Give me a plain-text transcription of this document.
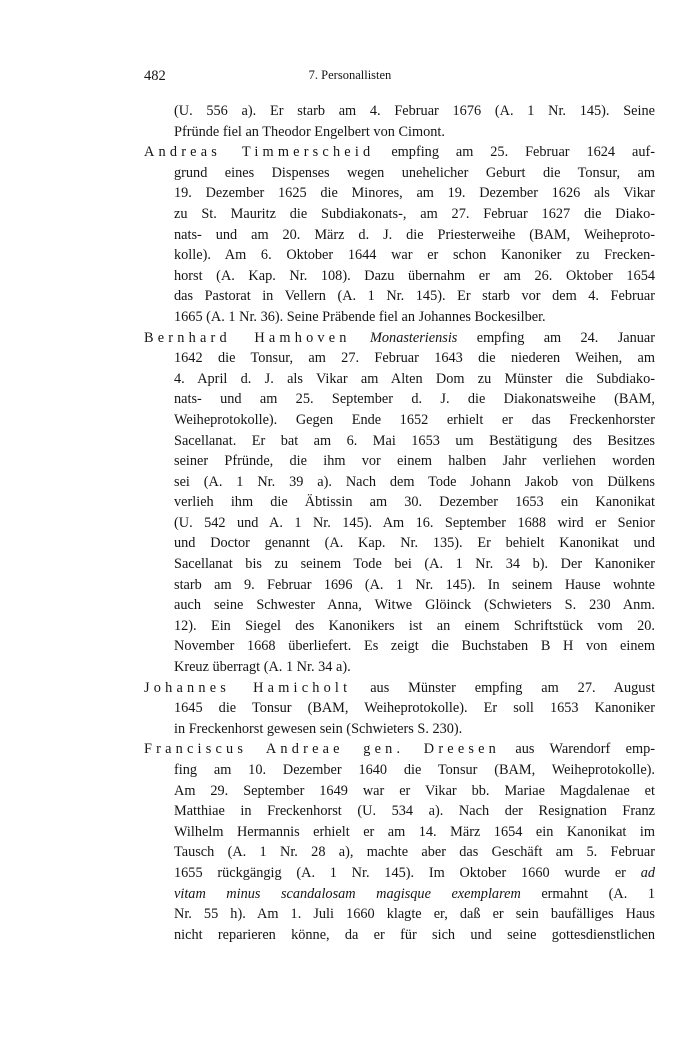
482	7. Personallisten
(U. 556 a). Er starb am 4. Februar 1676 (A. 1 Nr. 145). Seine
Pfründe fiel an Theodor Engelbert von Cimont.
Andreas Timmerscheid empfing am 25. Februar 1624 auf-
grund eines Dispenses wegen unehelicher Geburt die Tonsur, am
19. Dezember 1625 die Minores, am 19. Dezember 1626 als Vikar
zu St. Mauritz die Subdiakonats-, am 27. Februar 1627 die Diako-
nats- und am 20. März d. J. die Priesterweihe (BAM, Weiheproto-
kolle). Am 6. Oktober 1644 war er schon Kanoniker zu Frecken-
horst (A. Kap. Nr. 108). Dazu übernahm er am 26. Oktober 1654
das Pastorat in Vellern (A. 1 Nr. 145). Er starb vor dem 4. Februar
1665 (A. 1 Nr. 36). Seine Präbende fiel an Johannes Bockesilber.
Bernhard Hamhoven Monasteriensis empfing am 24. Januar
1642 die Tonsur, am 27. Februar 1643 die niederen Weihen, am
4. April d. J. als Vikar am Alten Dom zu Münster die Subdiako-
nats- und am 25. September d. J. die Diakonatsweihe (BAM,
Weiheprotokolle). Gegen Ende 1652 erhielt er das Freckenhorster
Sacellanat. Er bat am 6. Mai 1653 um Bestätigung des Besitzes
seiner Pfründe, die ihm vor einem halben Jahr verliehen worden
sei (A. 1 Nr. 39 a). Nach dem Tode Johann Jakob von Dülkens
verlieh ihm die Äbtissin am 30. Dezember 1653 ein Kanonikat
(U. 542 und A. 1 Nr. 145). Am 16. September 1688 wird er Senior
und Doctor genannt (A. Kap. Nr. 135). Er behielt Kanonikat und
Sacellanat bis zu seinem Tode bei (A. 1 Nr. 34 b). Der Kanoniker
starb am 9. Februar 1696 (A. 1 Nr. 145). In seinem Hause wohnte
auch seine Schwester Anna, Witwe Glöinck (Schwieters S. 230 Anm.
12). Ein Siegel des Kanonikers ist an einem Schriftstück vom 20.
November 1668 überliefert. Es zeigt die Buchstaben B H von einem
Kreuz überragt (A. 1 Nr. 34 a).
Johannes Hamicholt aus Münster empfing am 27. August
1645 die Tonsur (BAM, Weiheprotokolle). Er soll 1653 Kanoniker
in Freckenhorst gewesen sein (Schwieters S. 230).
Franciscus Andreae gen. Dreesen aus Warendorf emp-
fing am 10. Dezember 1640 die Tonsur (BAM, Weiheprotokolle).
Am 29. September 1649 war er Vikar bb. Mariae Magdalenae et
Matthiae in Freckenhorst (U. 534 a). Nach der Resignation Franz
Wilhelm Hermannis erhielt er am 14. März 1654 ein Kanonikat im
Tausch (A. 1 Nr. 28 a), machte aber das Geschäft am 5. Februar
1655 rückgängig (A. 1 Nr. 145). Im Oktober 1660 wurde er ad
vitam minus scandalosam magisque exemplarem ermahnt (A. 1
Nr. 55 h). Am 1. Juli 1660 klagte er, daß er sein baufälliges Haus
nicht reparieren könne, da er für sich und seine gottesdienstlichen
